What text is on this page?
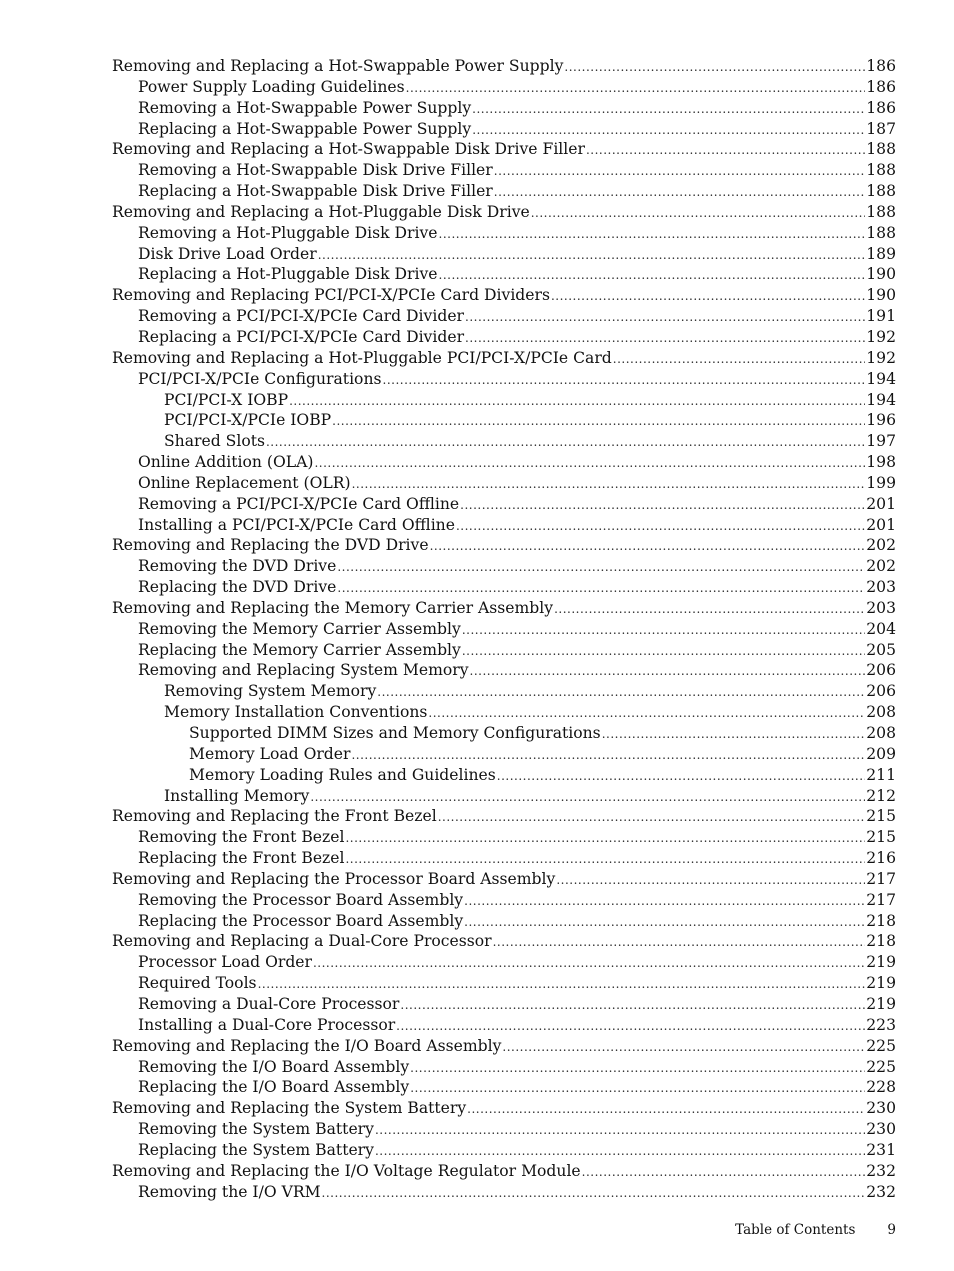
Removing and Replacing a Hot-Swappable Power Supply .....	186
Power Supply Loading Guidelines .....	186
Removing a Hot-Swappable Power Supply .....	186
Replacing a Hot-Swappable Power Supply .....	187
Removing and Replacing a Hot-Swappable Disk Drive Filler .....	188
Removing a Hot-Swappable Disk Drive Filler .....	188
Replacing a Hot-Swappable Disk Drive Filler .....	188
Removing and Replacing a Hot-Pluggable Disk Drive .....	188
Removing a Hot-Pluggable Disk Drive .....	188
Disk Drive Load Order .....	189
Replacing a Hot-Pluggable Disk Drive .....	190
Removing and Replacing PCI/PCI-X/PCIe Card Dividers .....	190
Removing a PCI/PCI-X/PCIe Card Divider .....	191
Replacing a PCI/PCI-X/PCIe Card Divider .....	192
Removing and Replacing a Hot-Pluggable PCI/PCI-X/PCIe Card .....	192
PCI/PCI-X/PCIe Configurations .....	194
PCI/PCI-X IOBP .....	194
PCI/PCI-X/PCIe IOBP .....	196
Shared Slots .....	197
Online Addition (OLA) .....	198
Online Replacement (OLR) .....	199
Removing a PCI/PCI-X/PCIe Card Offline .....	201
Installing a PCI/PCI-X/PCIe Card Offline .....	201
Removing and Replacing the DVD Drive .....	202
Removing the DVD Drive .....	202
Replacing the DVD Drive .....	203
Removing and Replacing the Memory Carrier Assembly .....	203
Removing the Memory Carrier Assembly .....	204
Replacing the Memory Carrier Assembly .....	205
Removing and Replacing System Memory .....	206
Removing System Memory .....	206
Memory Installation Conventions .....	208
Supported DIMM Sizes and Memory Configurations .....	208
Memory Load Order .....	209
Memory Loading Rules and Guidelines .....	211
Installing Memory .....	212
Removing and Replacing the Front Bezel .....	215
Removing the Front Bezel .....	215
Replacing the Front Bezel .....	216
Removing and Replacing the Processor Board Assembly .....	217
Removing the Processor Board Assembly .....	217
Replacing the Processor Board Assembly .....	218
Removing and Replacing a Dual-Core Processor .....	218
Processor Load Order .....	219
Required Tools .....	219
Removing a Dual-Core Processor .....	219
Installing a Dual-Core Processor .....	223
Removing and Replacing the I/O Board Assembly .....	225
Removing the I/O Board Assembly .....	225
Replacing the I/O Board Assembly .....	228
Removing and Replacing the System Battery .....	230
Removing the System Battery .....	230
Replacing the System Battery .....	231
Removing and Replacing the I/O Voltage Regulator Module .....	232
Removing the I/O VRM .....	232
Table of Contents 9
